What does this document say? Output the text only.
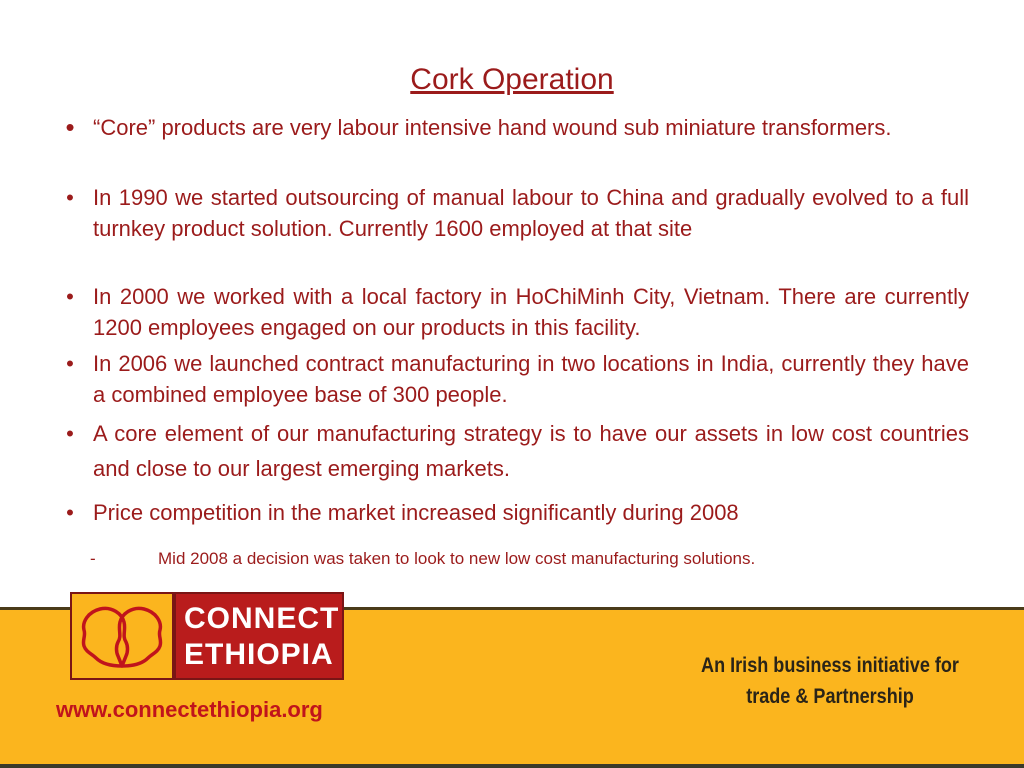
Cork Operation
• “Core” products are very labour intensive hand wound sub miniature transformers.
• In 1990 we started outsourcing of manual labour to China and gradually evolved to a full turnkey product solution. Currently 1600 employed at that site
• In 2000 we worked with a local factory in HoChiMinh City, Vietnam. There are currently 1200 employees engaged on our products in this facility.
• In 2006 we launched contract manufacturing in two locations in India, currently they have a combined employee base of 300 people.
• A core element of our manufacturing strategy is to have our assets in low cost countries and close to our largest emerging markets.
• Price competition in the market increased significantly during 2008
-	Mid 2008 a decision was taken to look to new low cost manufacturing solutions.
CONNECT
ETHIOPIA
www.connectethiopia.org
An Irish business initiative for
trade & Partnership
